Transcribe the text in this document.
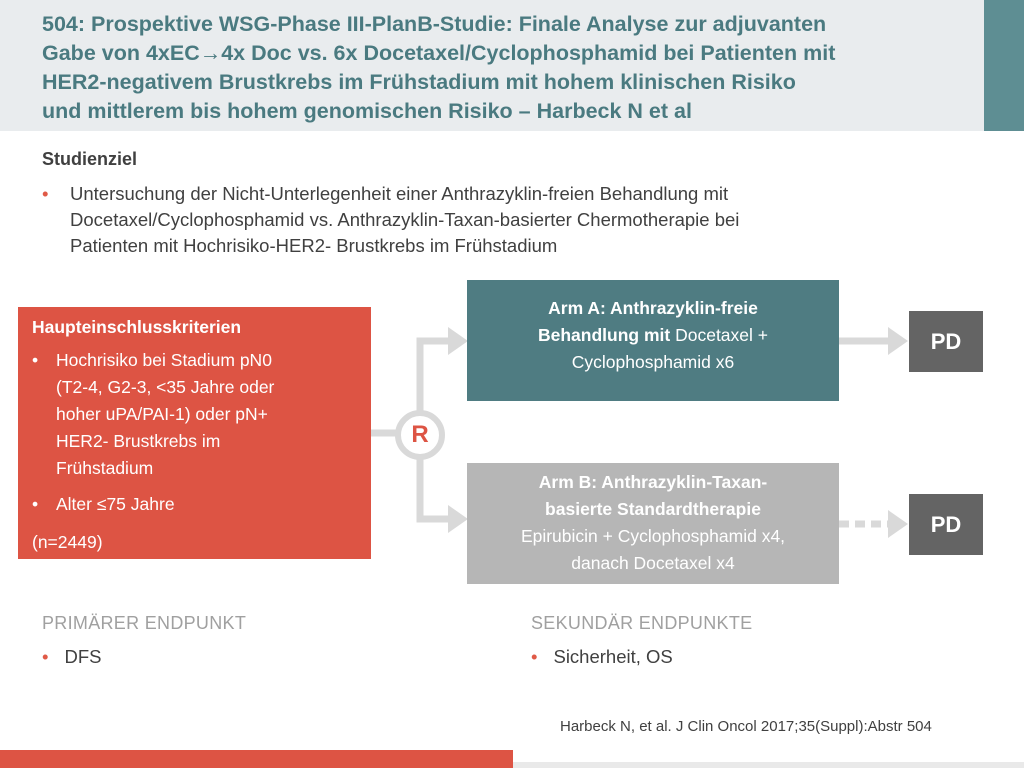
504: Prospektive WSG-Phase III-PlanB-Studie: Finale Analyse zur adjuvanten
Gabe von 4xEC→4x Doc vs. 6x Docetaxel/Cyclophosphamid bei Patienten mit
HER2-negativem Brustkrebs im Frühstadium mit hohem klinischen Risiko
und mittlerem bis hohem genomischen Risiko – Harbeck N et al
Studienziel
• Untersuchung der Nicht-Unterlegenheit einer Anthrazyklin-freien Behandlung mit
Docetaxel/Cyclophosphamid vs. Anthrazyklin-Taxan-basierter Chermotherapie bei
Patienten mit Hochrisiko-HER2- Brustkrebs im Frühstadium
R
Haupteinschlusskriterien
• Hochrisiko bei Stadium pN0
(T2-4, G2-3, <35 Jahre oder
hoher uPA/PAI-1) oder pN+
HER2- Brustkrebs im
Frühstadium
• Alter ≤75 Jahre
(n=2449)
Arm A: Anthrazyklin-freie
Behandlung mit Docetaxel +
Cyclophosphamid x6
Arm B: Anthrazyklin-Taxan-
basierte Standardtherapie
Epirubicin + Cyclophosphamid x4,
danach Docetaxel x4
PD
PD
PRIMÄRER ENDPUNKT
• DFS
SEKUNDÄR ENDPUNKTE
• Sicherheit, OS
Harbeck N, et al. J Clin Oncol 2017;35(Suppl):Abstr 504
